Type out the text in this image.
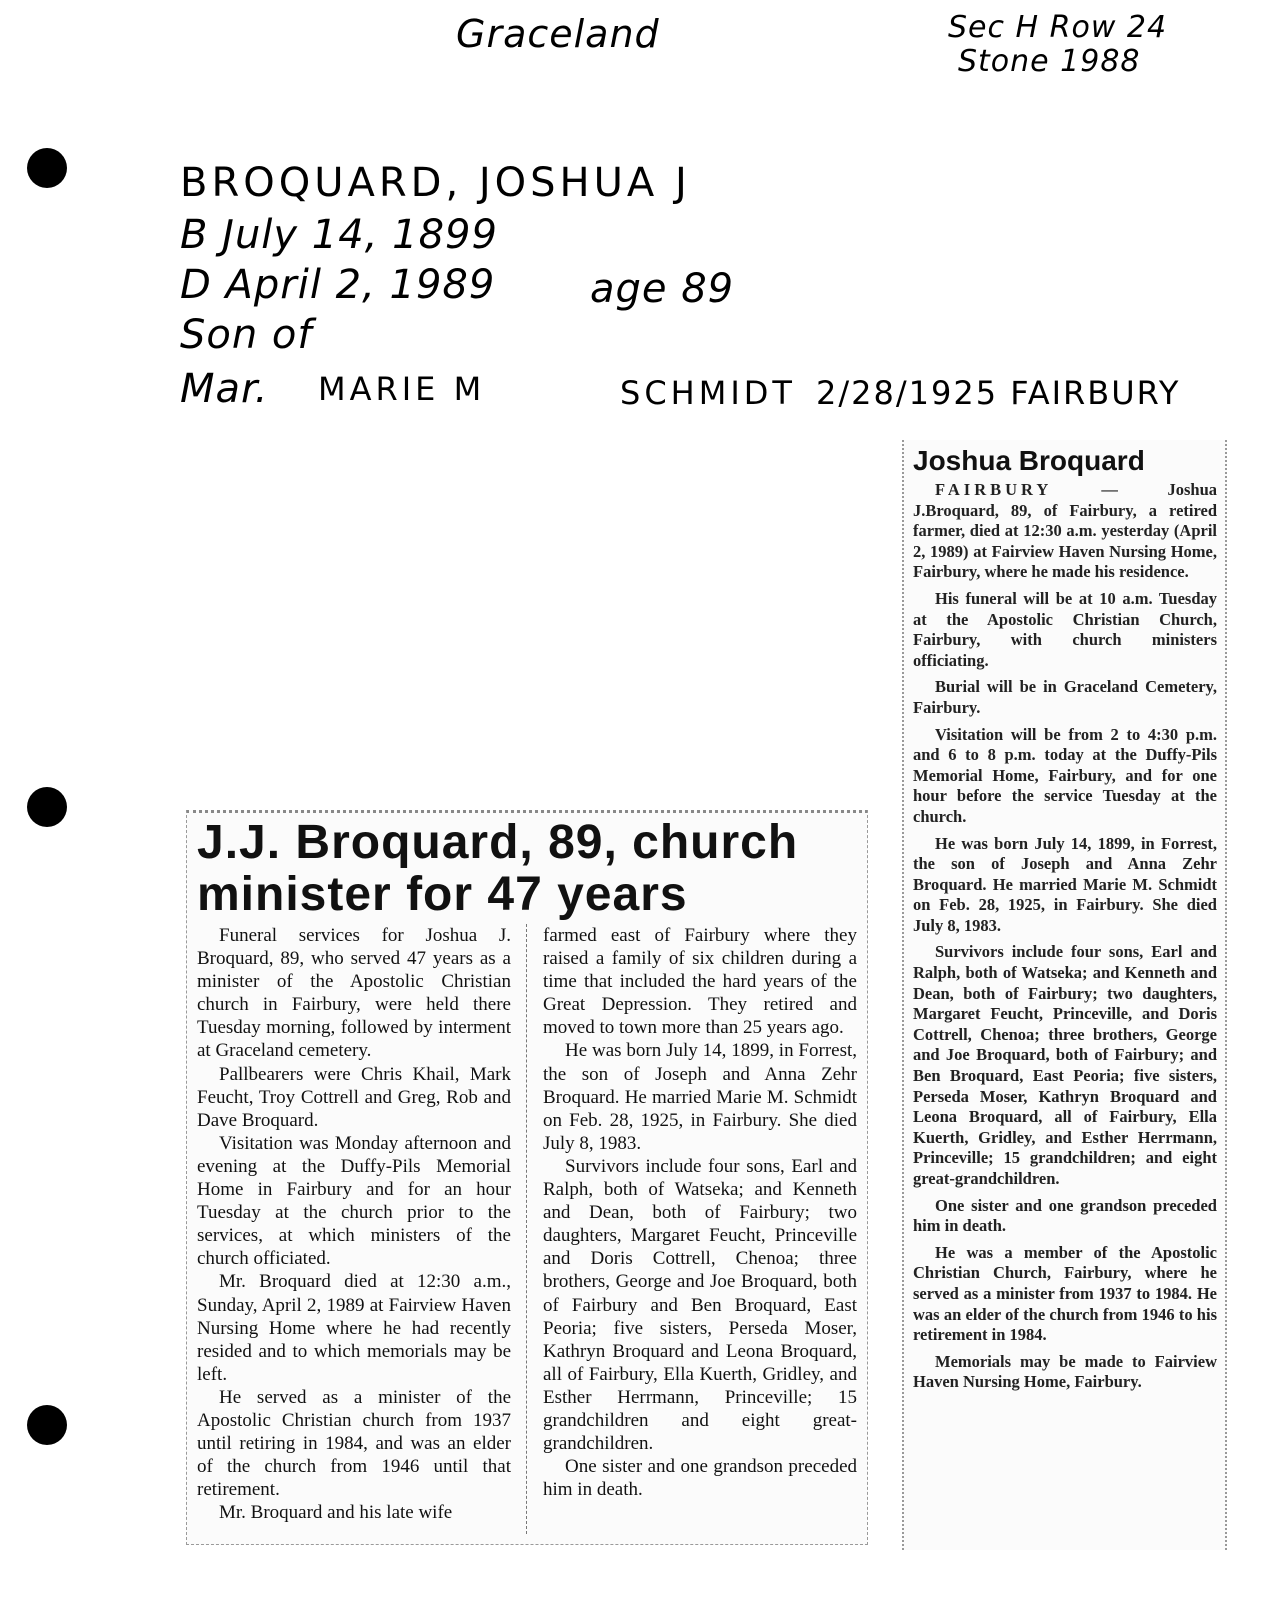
Graceland	Sec H Row 24
Stone 1988
BROQUARD, JOSHUA J
B July 14, 1899
D April 2, 1989 age 89
Son of
Mar. MARIE M	SCHMIDT 2/28/1925 FAIRBURY
J.J. Broquard, 89, church minister for 47 years

Funeral services for Joshua J. Broquard, 89, who served 47 years as a minister of the Apostolic Christian church in Fairbury, were held there Tuesday morning, followed by interment at Graceland cemetery.

Pallbearers were Chris Khail, Mark Feucht, Troy Cottrell and Greg, Rob and Dave Broquard.

Visitation was Monday afternoon and evening at the Duffy-Pils Memorial Home in Fairbury and for an hour Tuesday at the church prior to the services, at which ministers of the church officiated.

Mr. Broquard died at 12:30 a.m., Sunday, April 2, 1989 at Fairview Haven Nursing Home where he had recently resided and to which memorials may be left.

He served as a minister of the Apostolic Christian church from 1937 until retiring in 1984, and was an elder of the church from 1946 until that retirement.

Mr. Broquard and his late wife

farmed east of Fairbury where they raised a family of six children during a time that included the hard years of the Great Depression. They retired and moved to town more than 25 years ago.

He was born July 14, 1899, in Forrest, the son of Joseph and Anna Zehr Broquard. He married Marie M. Schmidt on Feb. 28, 1925, in Fairbury. She died July 8, 1983.

Survivors include four sons, Earl and Ralph, both of Watseka; and Kenneth and Dean, both of Fairbury; two daughters, Margaret Feucht, Princeville and Doris Cottrell, Chenoa; three brothers, George and Joe Broquard, both of Fairbury and Ben Broquard, East Peoria; five sisters, Perseda Moser, Kathryn Broquard and Leona Broquard, all of Fairbury, Ella Kuerth, Gridley, and Esther Herrmann, Princeville; 15 grandchildren and eight great-grandchildren.

One sister and one grandson preceded him in death.

Joshua Broquard

FAIRBURY —	Joshua J.Broquard, 89, of Fairbury, a retired farmer, died at 12:30 a.m. yesterday (April 2, 1989) at Fairview Haven Nursing Home, Fairbury, where he made his residence.

His funeral will be at 10 a.m. Tuesday at the Apostolic Christian Church, Fairbury, with church ministers officiating.

Burial will be in Graceland Cemetery, Fairbury.

Visitation will be from 2 to 4:30 p.m. and 6 to 8 p.m. today at the Duffy-Pils Memorial Home, Fairbury, and for one hour before the service Tuesday at the church.

He was born July 14, 1899, in Forrest, the son of Joseph and Anna Zehr Broquard. He married Marie M. Schmidt on Feb. 28, 1925, in Fairbury. She died July 8, 1983.

Survivors include four sons, Earl and Ralph, both of Watseka; and Kenneth and Dean, both of Fairbury; two daughters, Margaret Feucht, Princeville, and Doris Cottrell, Chenoa; three brothers, George and Joe Broquard, both of Fairbury; and Ben Broquard, East Peoria; five sisters, Perseda Moser, Kathryn Broquard and Leona Broquard, all of Fairbury, Ella Kuerth, Gridley, and Esther Herrmann, Princeville; 15 grandchildren; and eight great-grandchildren.

One sister and one grandson preceded him in death.

He was a member of the Apostolic Christian Church, Fairbury, where he served as a minister from 1937 to 1984. He was an elder of the church from 1946 to his retirement in 1984.

Memorials may be made to Fairview Haven Nursing Home, Fairbury.
